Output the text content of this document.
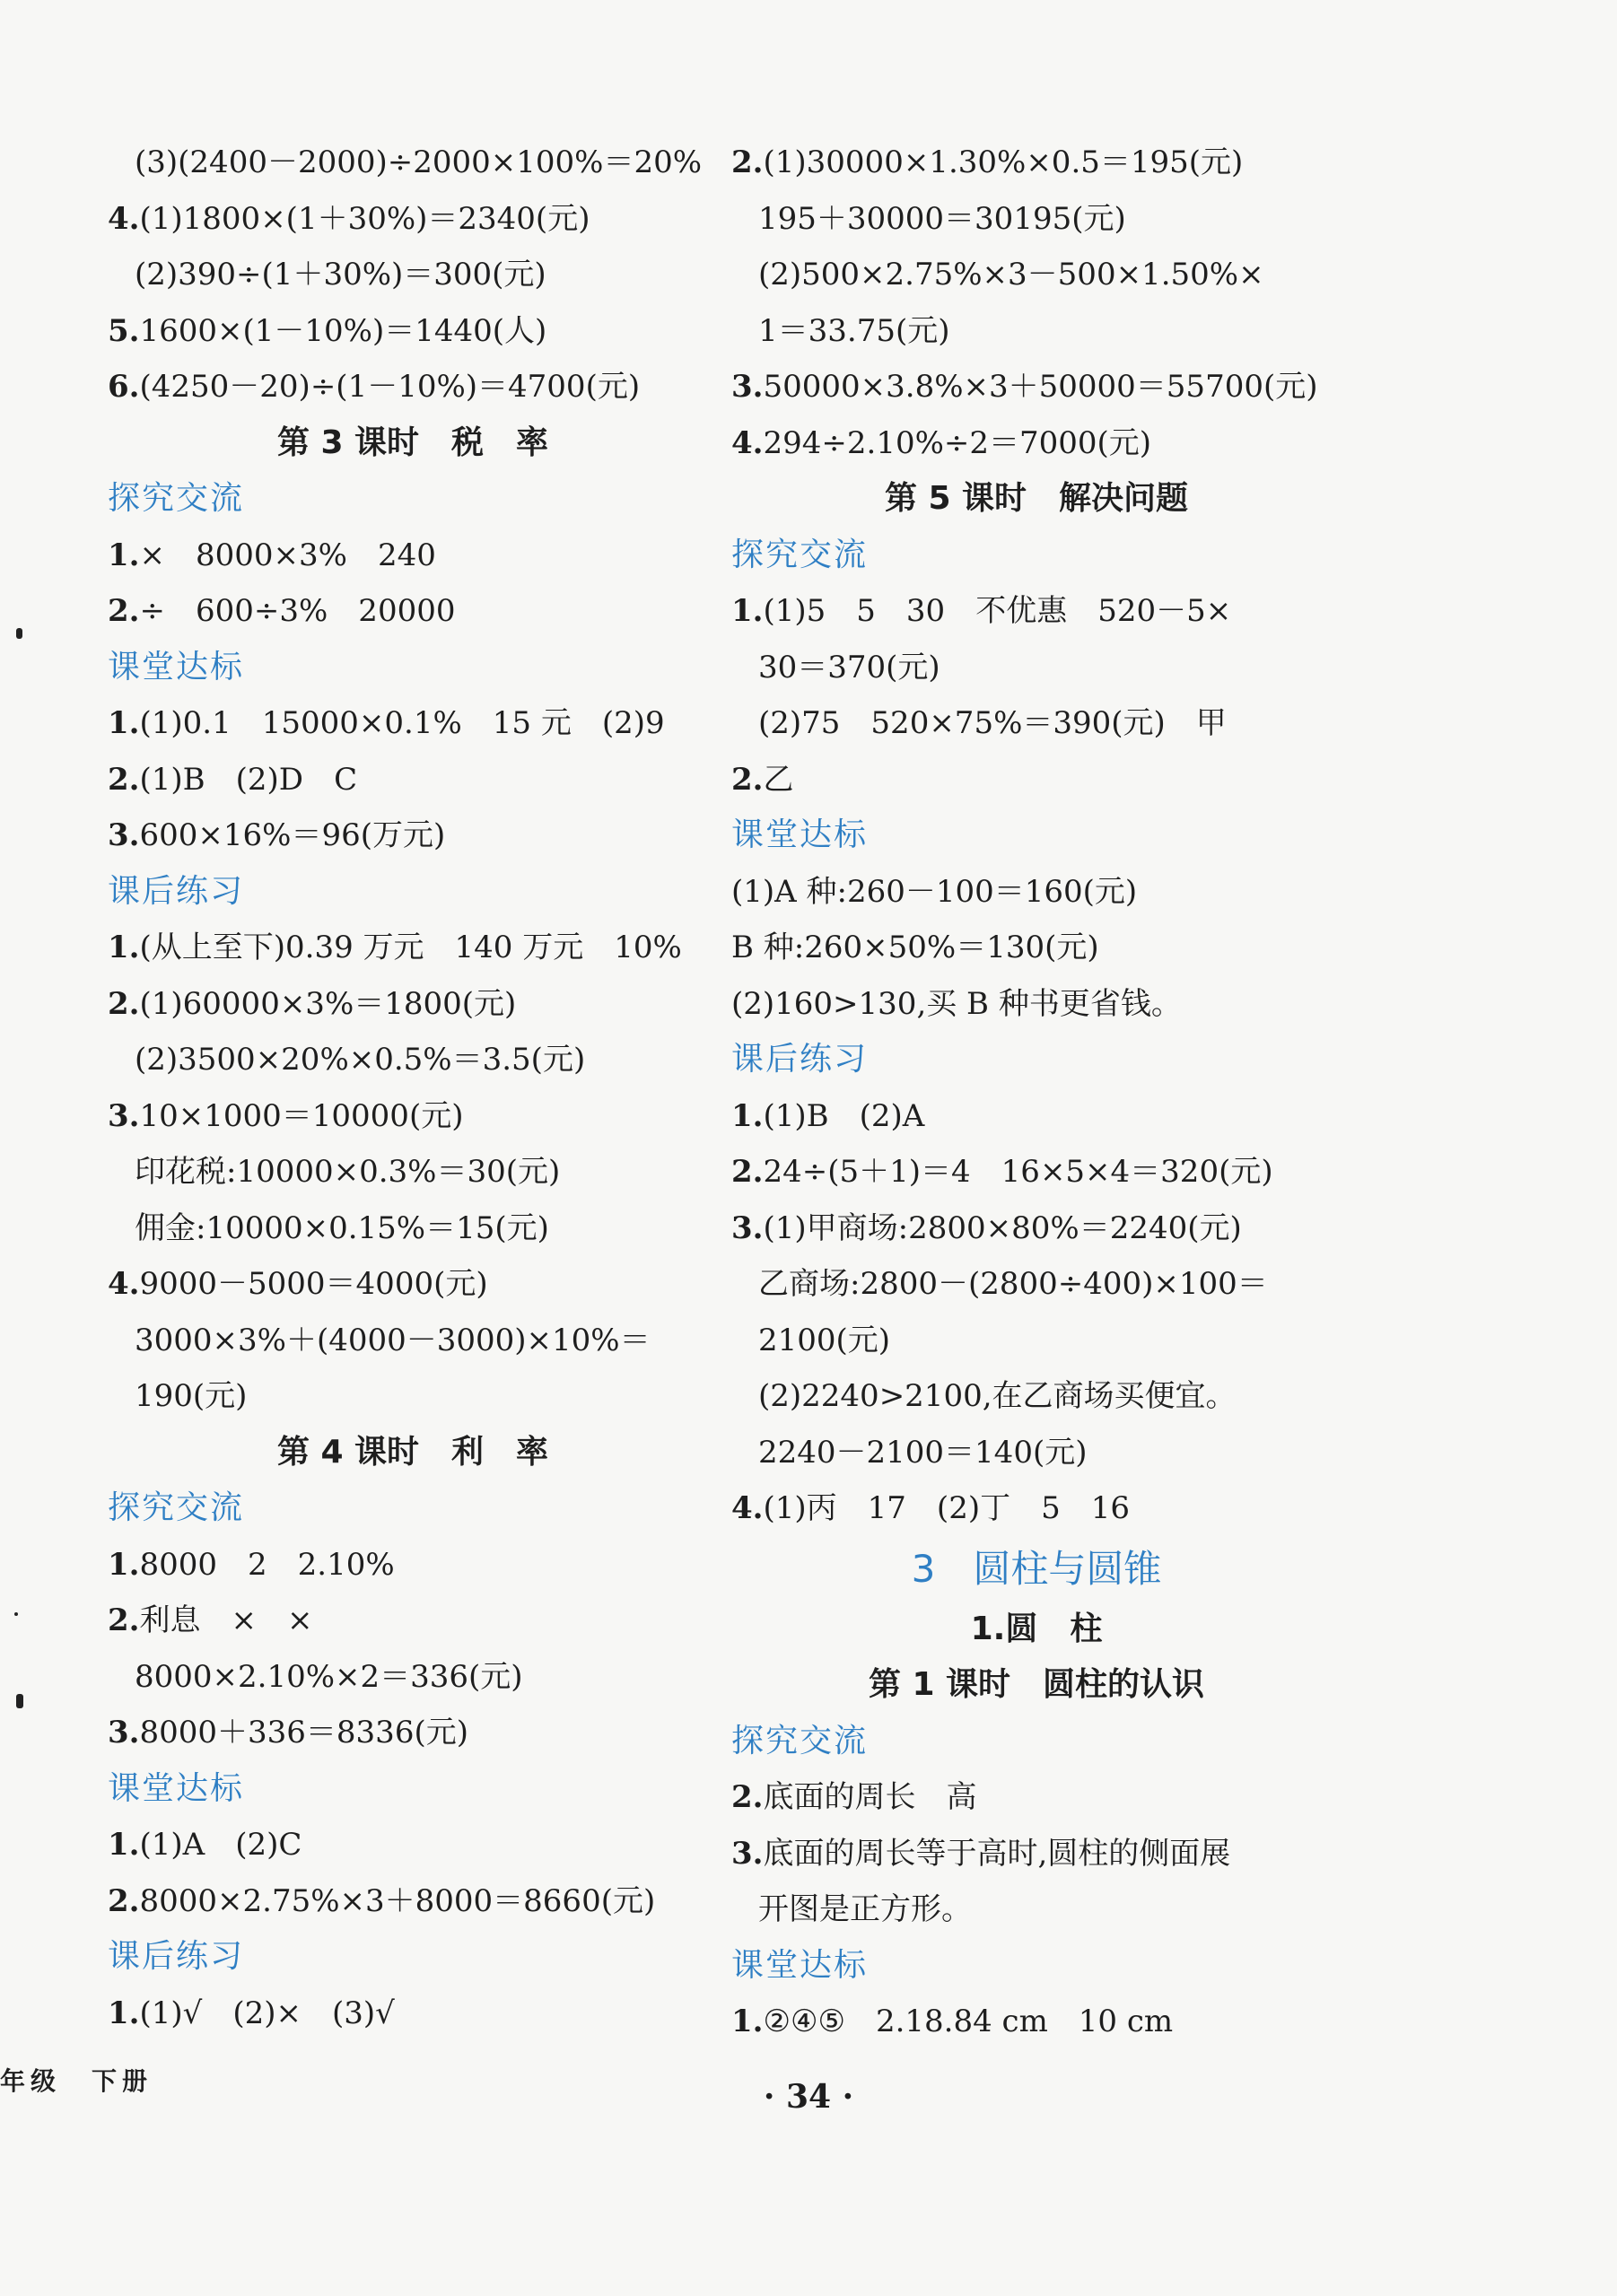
(3)(2400－2000)÷2000×100%＝20%
4.(1)1800×(1＋30%)＝2340(元)
(2)390÷(1＋30%)＝300(元)
5.1600×(1－10%)＝1440(人)
6.(4250－20)÷(1－10%)＝4700(元)
第 3 课时　税　率
探究交流
1.×　8000×3%　240
2.÷　600÷3%　20000
课堂达标
1.(1)0.1　15000×0.1%　15 元　(2)9
2.(1)B　(2)D　C
3.600×16%＝96(万元)
课后练习
1.(从上至下)0.39 万元　140 万元　10%
2.(1)60000×3%＝1800(元)
(2)3500×20%×0.5%＝3.5(元)
3.10×1000＝10000(元)
印花税:10000×0.3%＝30(元)
佣金:10000×0.15%＝15(元)
4.9000－5000＝4000(元)
3000×3%＋(4000－3000)×10%＝
190(元)
第 4 课时　利　率
探究交流
1.8000　2　2.10%
2.利息　×　×
8000×2.10%×2＝336(元)
3.8000＋336＝8336(元)
课堂达标
1.(1)A　(2)C
2.8000×2.75%×3＋8000＝8660(元)
课后练习
1.(1)√　(2)×　(3)√
2.(1)30000×1.30%×0.5＝195(元)
195＋30000＝30195(元)
(2)500×2.75%×3－500×1.50%×
1＝33.75(元)
3.50000×3.8%×3＋50000＝55700(元)
4.294÷2.10%÷2＝7000(元)
第 5 课时　解决问题
探究交流
1.(1)5　5　30　不优惠　520－5×
30＝370(元)
(2)75　520×75%＝390(元)　甲
2.乙
课堂达标
(1)A 种:260－100＝160(元)
B 种:260×50%＝130(元)
(2)160>130,买 B 种书更省钱。
课后练习
1.(1)B　(2)A
2.24÷(5＋1)＝4　16×5×4＝320(元)
3.(1)甲商场:2800×80%＝2240(元)
乙商场:2800－(2800÷400)×100＝
2100(元)
(2)2240>2100,在乙商场买便宜。
2240－2100＝140(元)
4.(1)丙　17　(2)丁　5　16
3　圆柱与圆锥
1.圆　柱
第 1 课时　圆柱的认识
探究交流
2.底面的周长　高
3.底面的周长等于高时,圆柱的侧面展
开图是正方形。
课堂达标
1.②④⑤　2.18.84 cm　10 cm
年级　下册	· 34 ·
